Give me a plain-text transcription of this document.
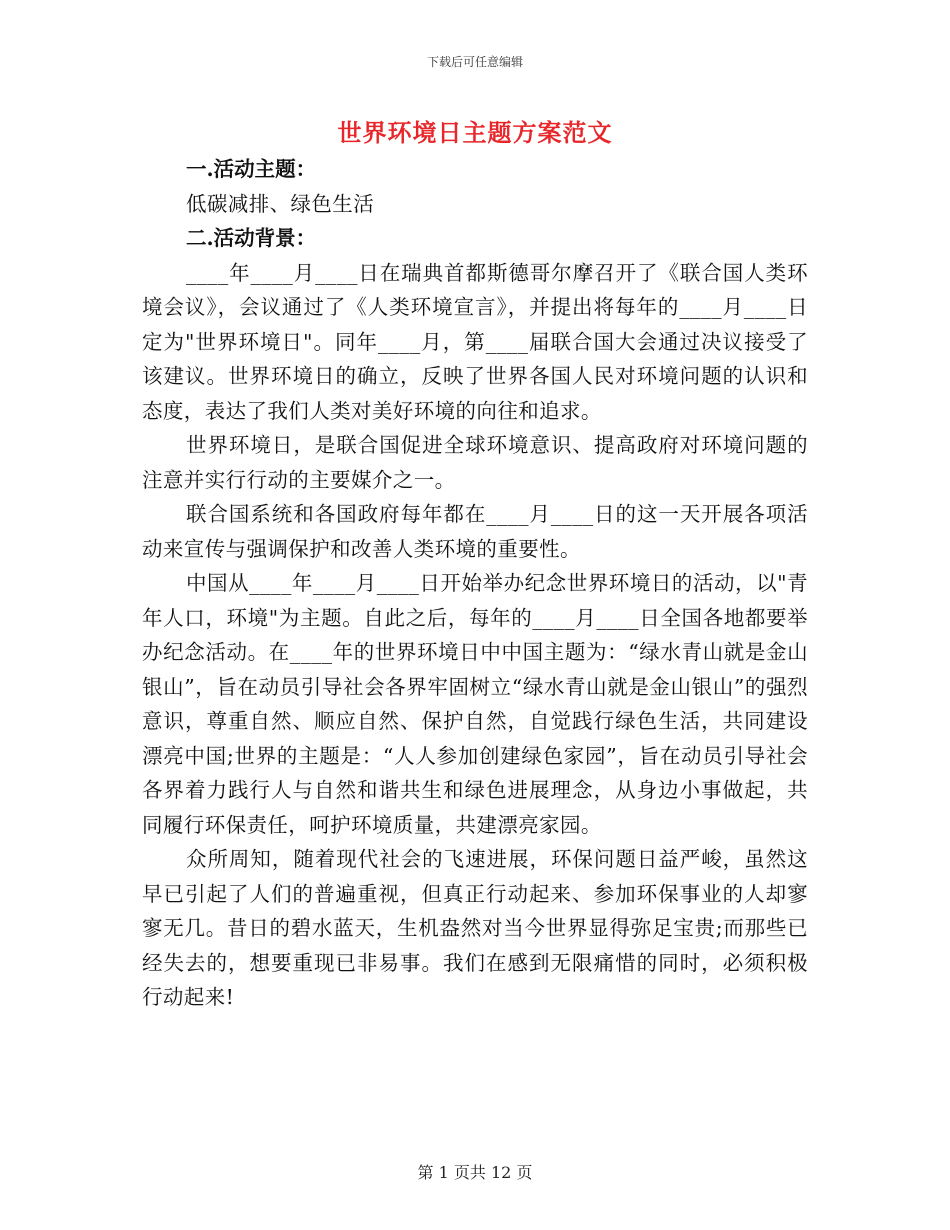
下载后可任意编辑
世界环境日主题方案范文

一.活动主题：

低碳减排、绿色生活

二.活动背景：

____年____月____日在瑞典首都斯德哥尔摩召开了《联合国人类环境会议》，会议通过了《人类环境宣言》，并提出将每年的____月____日定为"世界环境日"。同年____月，第____届联合国大会通过决议接受了该建议。世界环境日的确立，反映了世界各国人民对环境问题的认识和态度，表达了我们人类对美好环境的向往和追求。

世界环境日，是联合国促进全球环境意识、提高政府对环境问题的注意并实行行动的主要媒介之一。

联合国系统和各国政府每年都在____月____日的这一天开展各项活动来宣传与强调保护和改善人类环境的重要性。

中国从____年____月____日开始举办纪念世界环境日的活动，以"青年人口，环境"为主题。自此之后，每年的____月____日全国各地都要举办纪念活动。在____年的世界环境日中中国主题为：“绿水青山就是金山银山”，旨在动员引导社会各界牢固树立“绿水青山就是金山银山”的强烈意识，尊重自然、顺应自然、保护自然，自觉践行绿色生活，共同建设漂亮中国;世界的主题是：“人人参加创建绿色家园”，旨在动员引导社会各界着力践行人与自然和谐共生和绿色进展理念，从身边小事做起，共同履行环保责任，呵护环境质量，共建漂亮家园。

众所周知，随着现代社会的飞速进展，环保问题日益严峻，虽然这早已引起了人们的普遍重视，但真正行动起来、参加环保事业的人却寥寥无几。昔日的碧水蓝天，生机盎然对当今世界显得弥足宝贵;而那些已经失去的，想要重现已非易事。我们在感到无限痛惜的同时，必须积极行动起来!

第 1 页共 12 页
